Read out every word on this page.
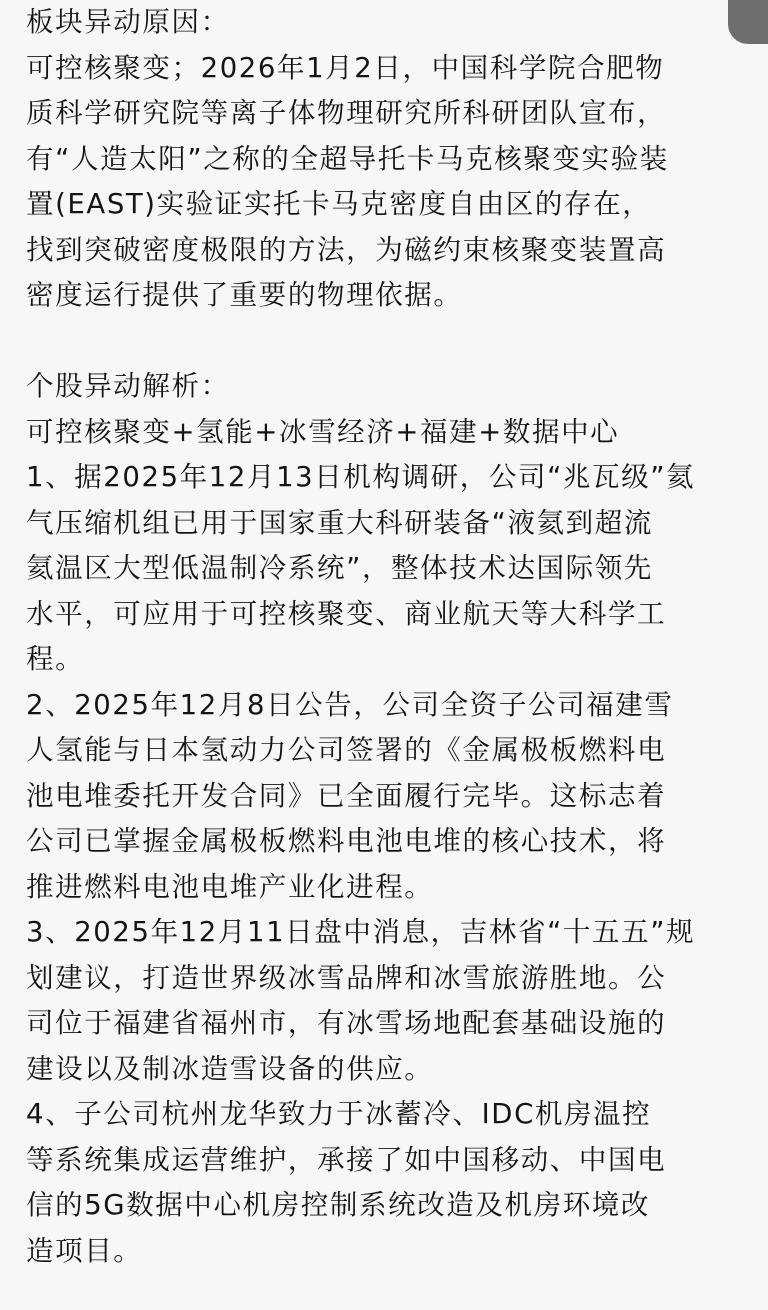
板块异动原因：
可控核聚变；2026年1月2日，中国科学院合肥物
质科学研究院等离子体物理研究所科研团队宣布，
有“人造太阳”之称的全超导托卡马克核聚变实验装
置(EAST)实验证实托卡马克密度自由区的存在，
找到突破密度极限的方法，为磁约束核聚变装置高
密度运行提供了重要的物理依据。
个股异动解析：
可控核聚变+氢能+冰雪经济+福建+数据中心
1、据2025年12月13日机构调研，公司“兆瓦级”氦
气压缩机组已用于国家重大科研装备“液氦到超流
氦温区大型低温制冷系统”，整体技术达国际领先
水平，可应用于可控核聚变、商业航天等大科学工
程。
2、2025年12月8日公告，公司全资子公司福建雪
人氢能与日本氢动力公司签署的《金属极板燃料电
池电堆委托开发合同》已全面履行完毕。这标志着
公司已掌握金属极板燃料电池电堆的核心技术，将
推进燃料电池电堆产业化进程。
3、2025年12月11日盘中消息，吉林省“十五五”规
划建议，打造世界级冰雪品牌和冰雪旅游胜地。公
司位于福建省福州市，有冰雪场地配套基础设施的
建设以及制冰造雪设备的供应。
4、子公司杭州龙华致力于冰蓄冷、IDC机房温控
等系统集成运营维护，承接了如中国移动、中国电
信的5G数据中心机房控制系统改造及机房环境改
造项目。
